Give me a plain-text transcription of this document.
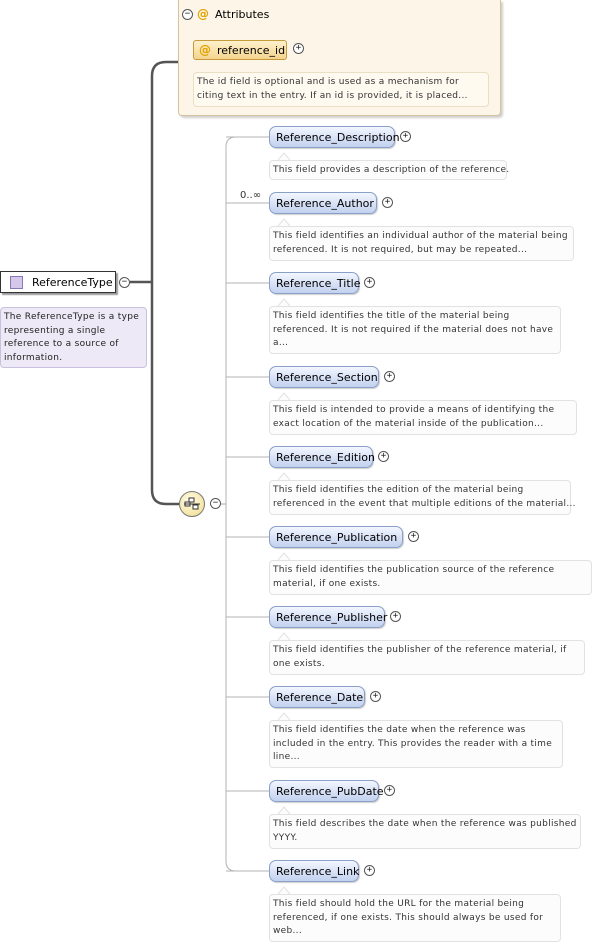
− @ Attributes
@ reference_id	+
The id field is optional and is used as a mechanism for
citing text in the entry. If an id is provided, it is placed...
ReferenceType	−
The ReferenceType is a type
representing a single
reference to a source of
information.
−
0..∞
Reference_Description +
This field provides a description of the reference.
Reference_Author	+
This field identifies an individual author of the material being
referenced. It is not required, but may be repeated...
Reference_Title +
This field identifies the title of the material being
referenced. It is not required if the material does not have
a...
Reference_Section	+
This field is intended to provide a means of identifying the
exact location of the material inside of the publication...
Reference_Edition +
This field identifies the edition of the material being
referenced in the event that multiple editions of the material...
Reference_Publication	+
This field identifies the publication source of the reference
material, if one exists.
Reference_Publisher +
This field identifies the publisher of the reference material, if
one exists.
Reference_Date	+
This field identifies the date when the reference was
included in the entry. This provides the reader with a time
line...
Reference_PubDate +
This field describes the date when the reference was published
YYYY.
Reference_Link +
This field should hold the URL for the material being
referenced, if one exists. This should always be used for
web...
